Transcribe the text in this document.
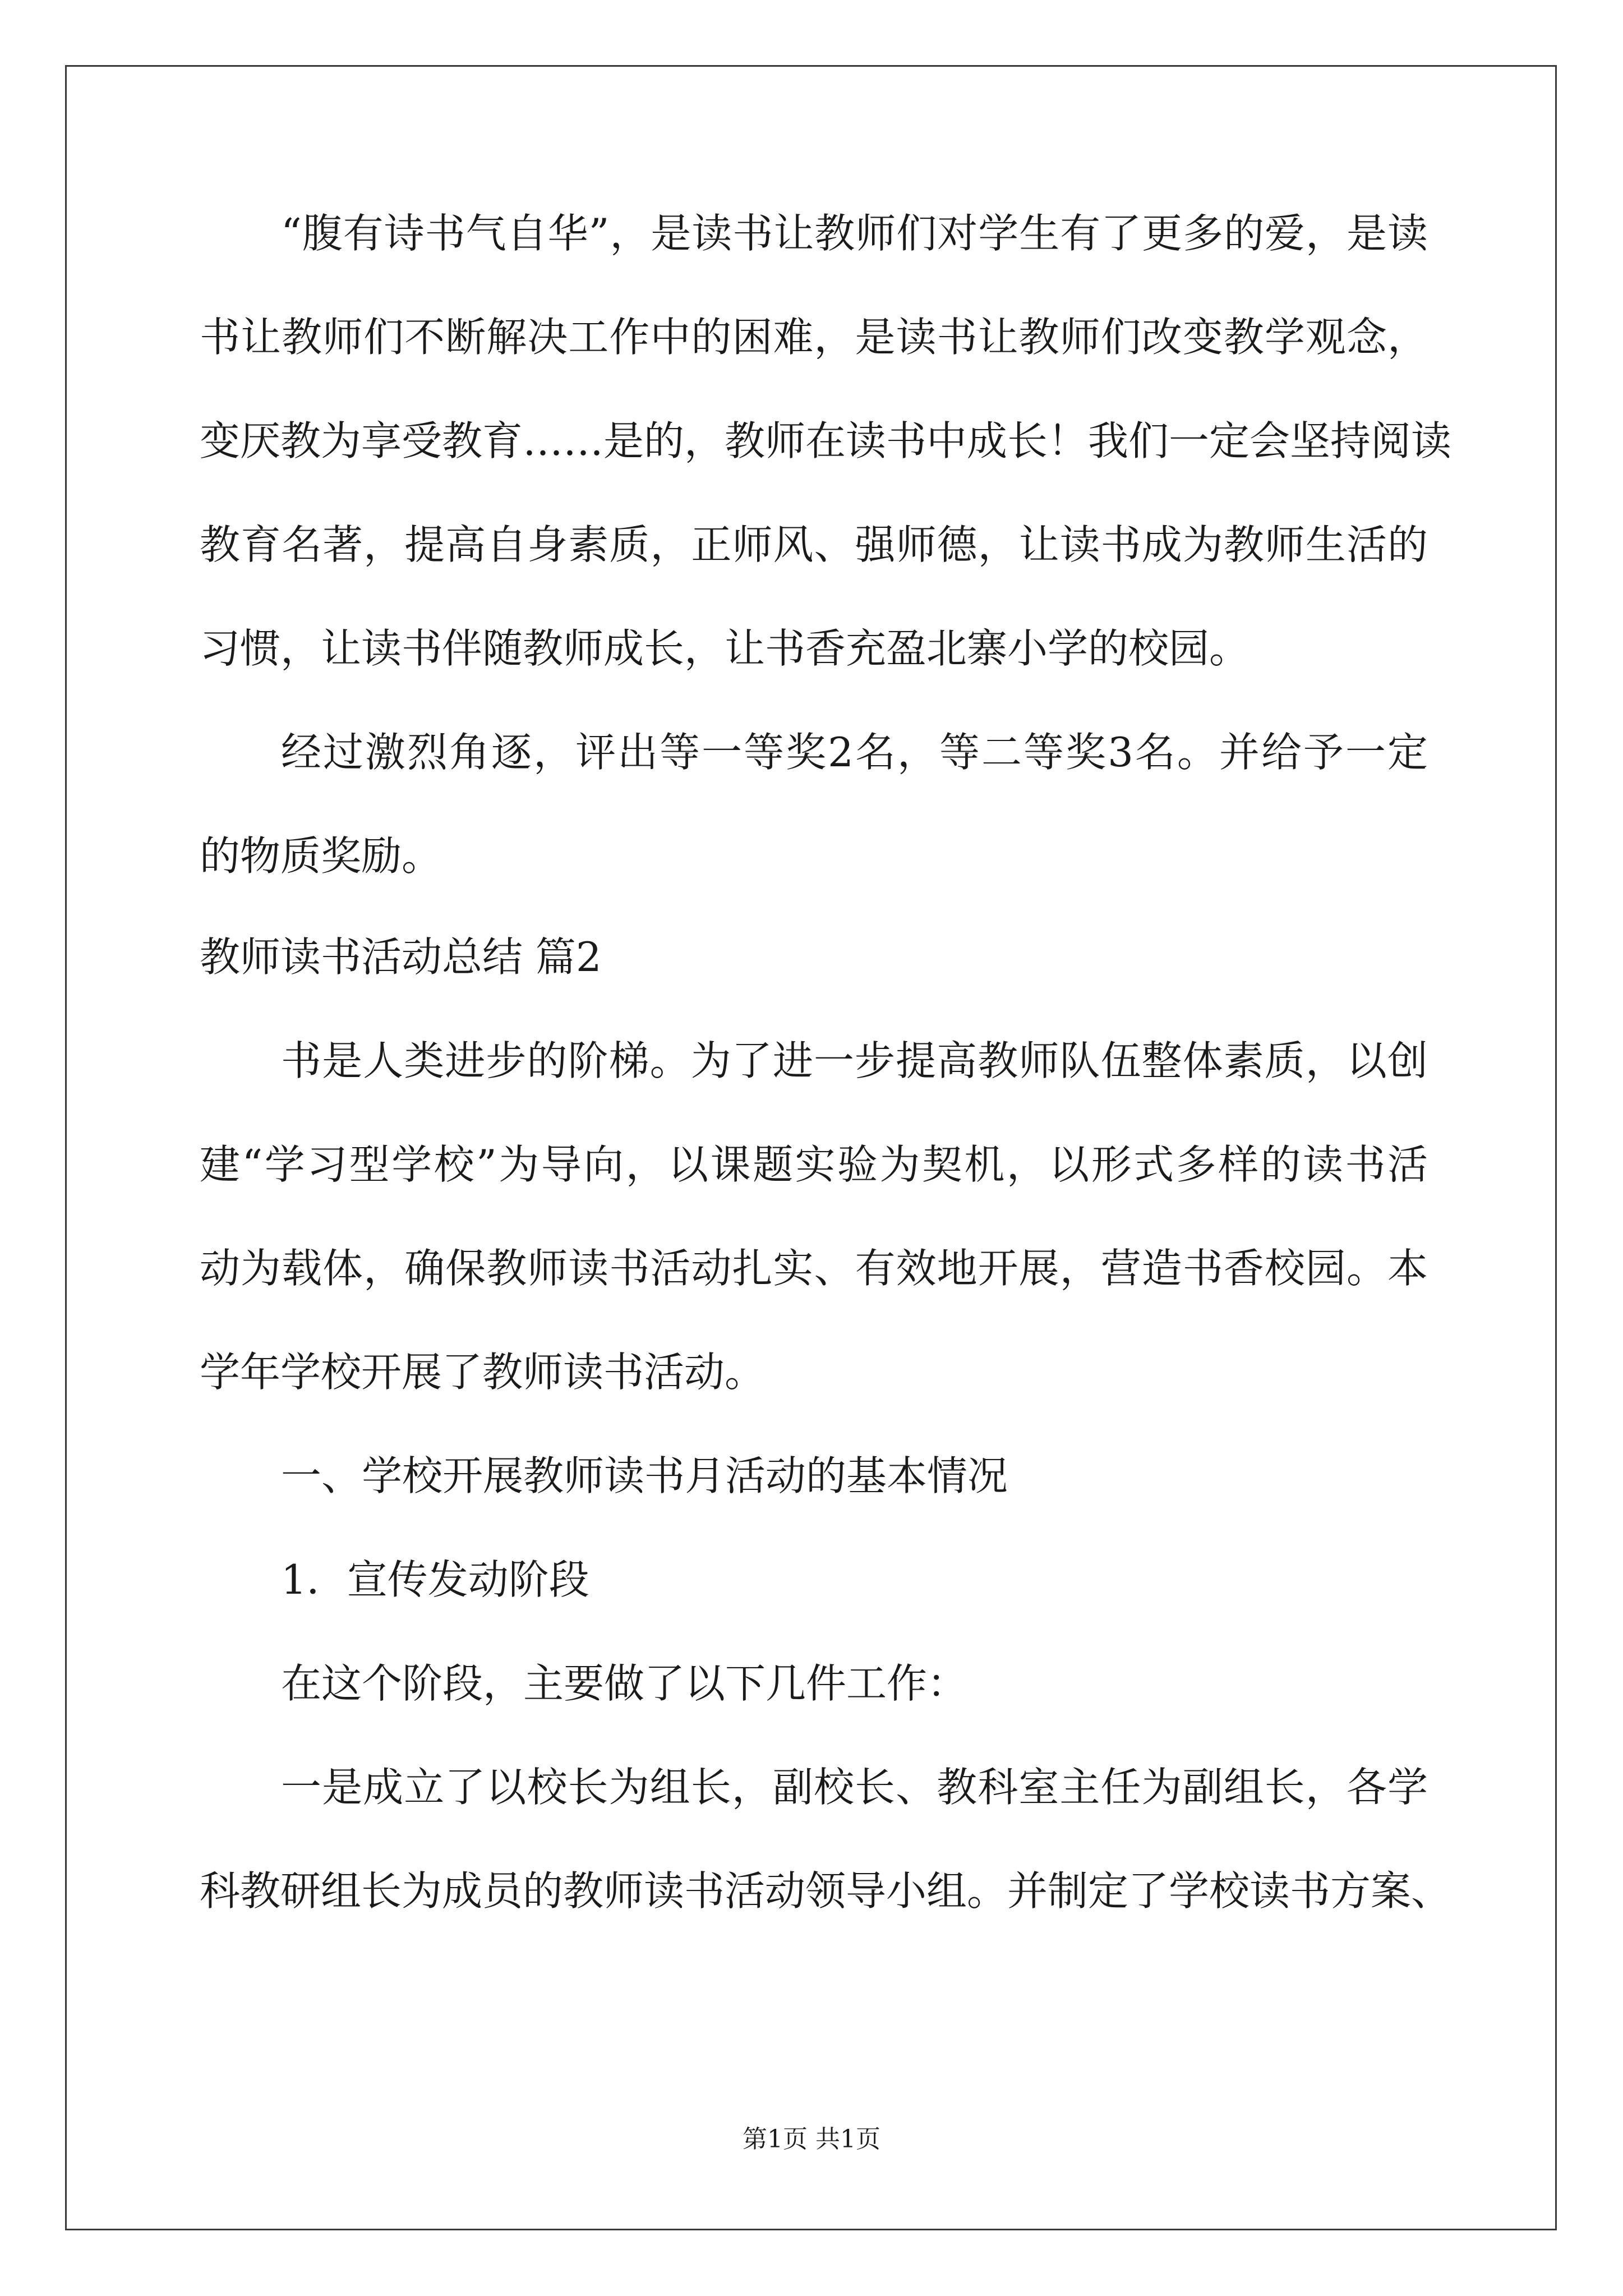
“腹有诗书气自华”，是读书让教师们对学生有了更多的爱，是读
书让教师们不断解决工作中的困难，是读书让教师们改变教学观念，
变厌教为享受教育……是的，教师在读书中成长！我们一定会坚持阅读
教育名著，提高自身素质，正师风、强师德，让读书成为教师生活的
习惯，让读书伴随教师成长，让书香充盈北寨小学的校园。
经过激烈角逐，评出等一等奖2名，等二等奖3名。并给予一定
的物质奖励。
教师读书活动总结 篇2
书是人类进步的阶梯。为了进一步提高教师队伍整体素质，以创
建“学习型学校”为导向，以课题实验为契机，以形式多样的读书活
动为载体，确保教师读书活动扎实、有效地开展，营造书香校园。本
学年学校开展了教师读书活动。
一、学校开展教师读书月活动的基本情况
1．宣传发动阶段
在这个阶段，主要做了以下几件工作：
一是成立了以校长为组长，副校长、教科室主任为副组长，各学
科教研组长为成员的教师读书活动领导小组。并制定了学校读书方案、
第1页 共1页
